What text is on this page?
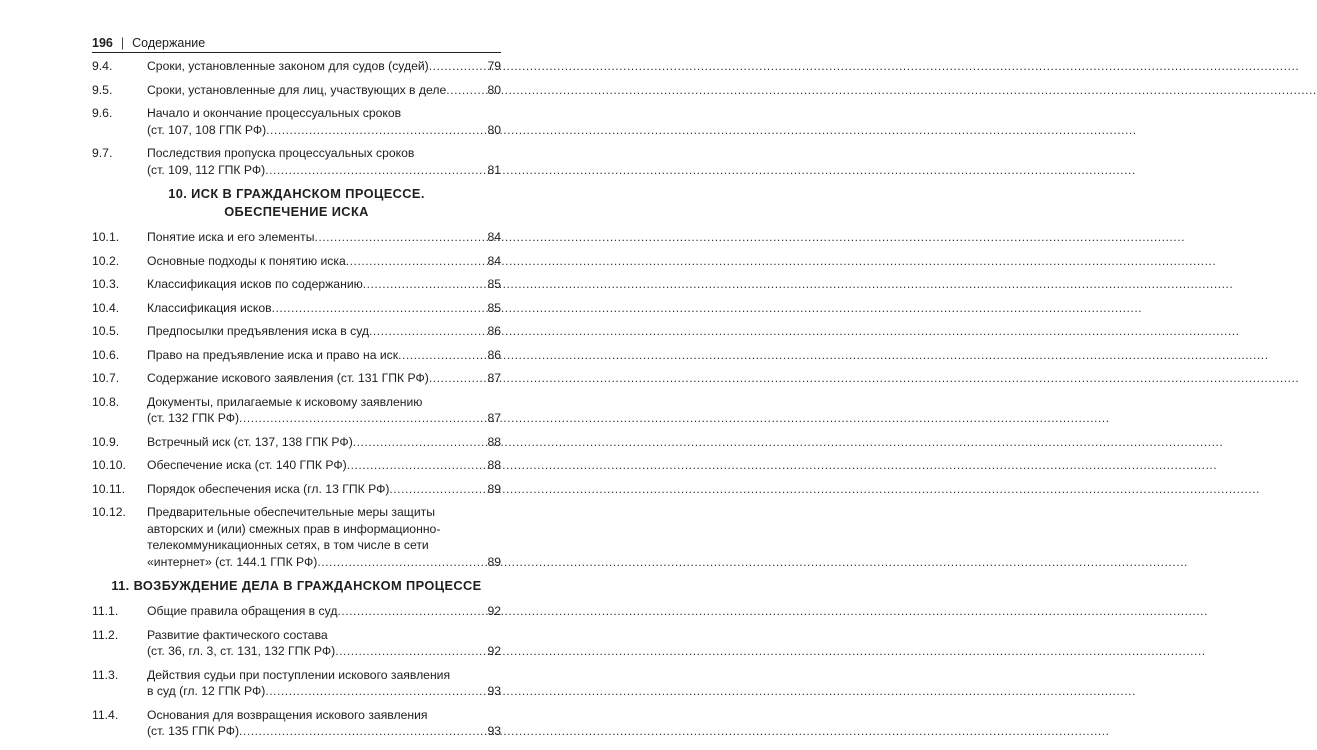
196 | Содержание
9.4.	Сроки, установленные законом для судов (судей) .....	79
9.5.	Сроки, установленные для лиц, участвующих в деле .....	80
9.6.	Начало и окончание процессуальных сроков
(ст. 107, 108 ГПК РФ) .....	80
9.7.	Последствия пропуска процессуальных сроков
(ст. 109, 112 ГПК РФ) .....	81
10. ИСК В ГРАЖДАНСКОМ ПРОЦЕССЕ.
ОБЕСПЕЧЕНИЕ ИСКА
10.1.	Понятие иска и его элементы .....	84
10.2.	Основные подходы к понятию иска .....	84
10.3.	Классификация исков по содержанию .....	85
10.4.	Классификация исков .....	85
10.5.	Предпосылки предъявления иска в суд .....	86
10.6.	Право на предъявление иска и право на иск .....	86
10.7.	Содержание искового заявления (ст. 131 ГПК РФ) .....	87
10.8.	Документы, прилагаемые к исковому заявлению
(ст. 132 ГПК РФ) .....	87
10.9.	Встречный иск (ст. 137, 138 ГПК РФ) .....	88
10.10.	Обеспечение иска (ст. 140 ГПК РФ) .....	88
10.11.	Порядок обеспечения иска (гл. 13 ГПК РФ) .....	89
10.12.	Предварительные обеспечительные меры защиты
авторских и (или) смежных прав в информационно-
телекоммуникационных сетях, в том числе в сети
«интернет» (ст. 144.1 ГПК РФ) .....	89
11. ВОЗБУЖДЕНИЕ ДЕЛА В ГРАЖДАНСКОМ ПРОЦЕССЕ
11.1.	Общие правила обращения в суд .....	92
11.2.	Развитие фактического состава
(ст. 36, гл. 3, ст. 131, 132 ГПК РФ) .....	92
11.3.	Действия судьи при поступлении искового заявления
в суд (гл. 12 ГПК РФ) .....	93
11.4.	Основания для возвращения искового заявления
(ст. 135 ГПК РФ) .....	93
